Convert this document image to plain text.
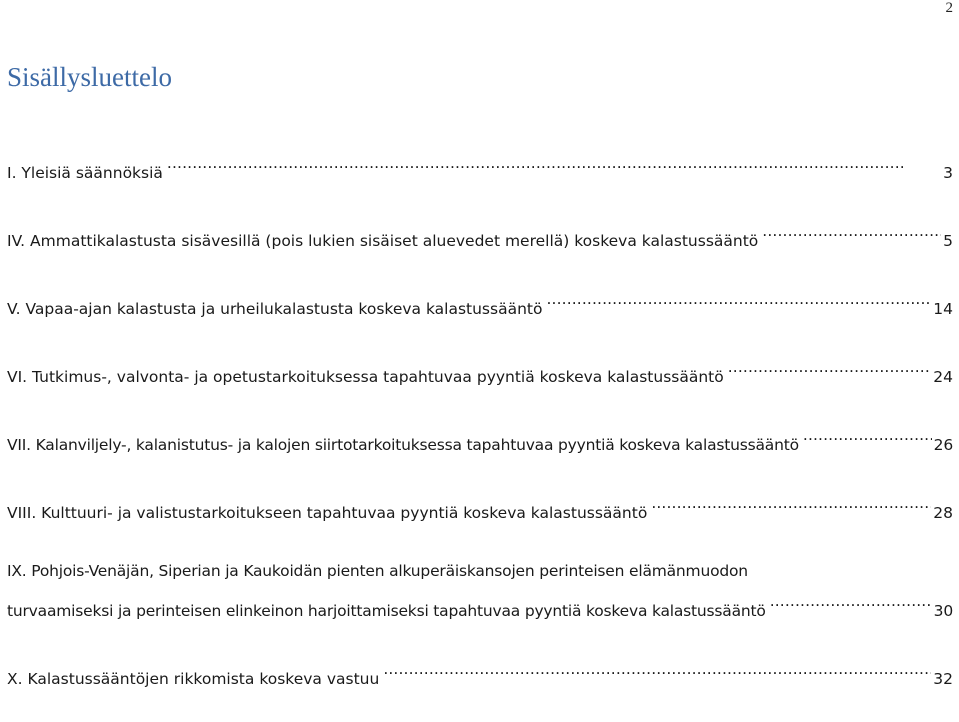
2
Sisällysluettelo
I. Yleisiä säännöksiä . . .	3
IV. Ammattikalastusta sisävesillä (pois lukien sisäiset aluevedet merellä) koskeva kalastussääntö . . .	5
V. Vapaa-ajan kalastusta ja urheilukalastusta koskeva kalastussääntö . . .	14
VI. Tutkimus-, valvonta- ja opetustarkoituksessa tapahtuvaa pyyntiä koskeva kalastussääntö . . .	24
VII. Kalanviljely-, kalanistutus- ja kalojen siirtotarkoituksessa tapahtuvaa pyyntiä koskeva kalastussääntö . . .	26
VIII. Kulttuuri- ja valistustarkoitukseen tapahtuvaa pyyntiä koskeva kalastussääntö . . .	28
IX. Pohjois-Venäjän, Siperian ja Kaukoidän pienten alkuperäiskansojen perinteisen elämänmuodon
turvaamiseksi ja perinteisen elinkeinon harjoittamiseksi tapahtuvaa pyyntiä koskeva kalastussääntö . . .	30
X. Kalastussääntöjen rikkomista koskeva vastuu . . .	32
